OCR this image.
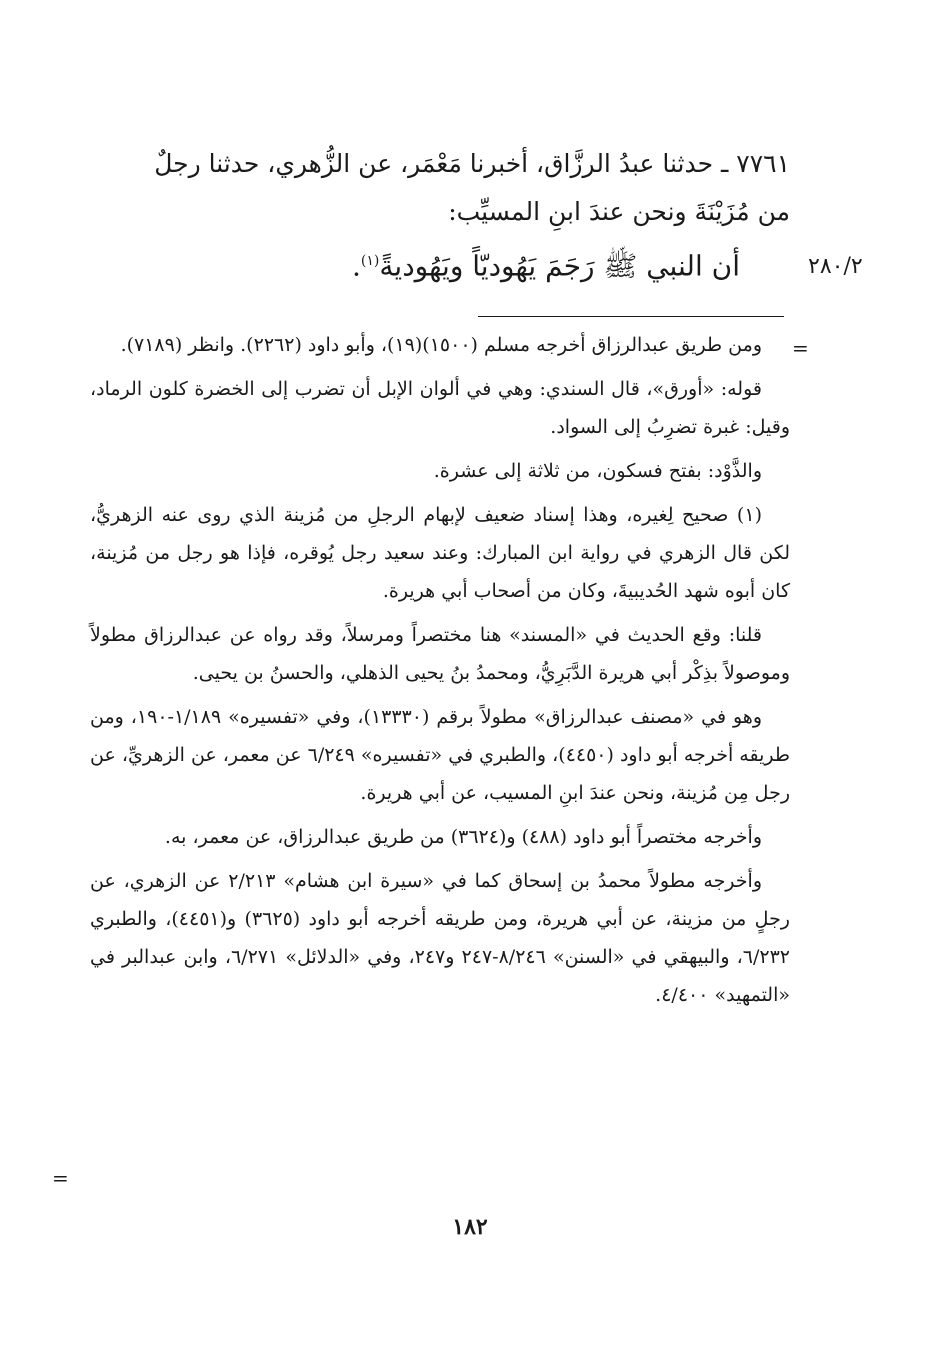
٧٧٦١ ـ حدثنا عبدُ الرزَّاق، أخبرنا مَعْمَر، عن الزُّهري، حدثنا رجلٌ

من مُزَيْنَةَ ونحن عندَ ابنِ المسيِّب:

أن النبي ﷺ رَجَمَ يَهُوديّاً ويَهُوديةً$^{(١)}$.	٢٨٠/٢
=

ومن طريق عبدالرزاق أخرجه مسلم (١٥٠٠)(١٩)، وأبو داود (٢٢٦٢). وانظر (٧١٨٩).

قوله: «أورق»، قال السندي: وهي في ألوان الإبل أن تضرب إلى الخضرة كلون الرماد، وقيل: غبرة تضرِبُ إلى السواد.

والذَّوْد: بفتح فسكون، من ثلاثة إلى عشرة.

(١) صحيح لِغيره، وهذا إسناد ضعيف لإبهام الرجلِ من مُزينة الذي روى عنه الزهريُّ، لكن قال الزهري في رواية ابن المبارك: وعند سعيد رجل يُوقره، فإذا هو رجل من مُزينة، كان أبوه شهد الحُديبيةَ، وكان من أصحاب أبي هريرة.

قلنا: وقع الحديث في «المسند» هنا مختصراً ومرسلاً، وقد رواه عن عبدالرزاق مطولاً وموصولاً بذِكْر أبي هريرة الدَّبَرِيُّ، ومحمدُ بنُ يحيى الذهلي، والحسنُ بن يحيى.

وهو في «مصنف عبدالرزاق» مطولاً برقم (١٣٣٣٠)، وفي «تفسيره» ١/١٨٩-١٩٠، ومن طريقه أخرجه أبو داود (٤٤٥٠)، والطبري في «تفسيره» ٦/٢٤٩ عن معمر، عن الزهريِّ، عن رجل مِن مُزينة، ونحن عندَ ابنِ المسيب، عن أبي هريرة.

وأخرجه مختصراً أبو داود (٤٨٨) و(٣٦٢٤) من طريق عبدالرزاق، عن معمر، به.

وأخرجه مطولاً محمدُ بن إسحاق كما في «سيرة ابن هشام» ٢/٢١٣ عن الزهري، عن رجلٍ من مزينة، عن أبي هريرة، ومن طريقه أخرجه أبو داود (٣٦٢٥) و(٤٤٥١)، والطبري ٦/٢٣٢، والبيهقي في «السنن» ٨/٢٤٦-٢٤٧ و٢٤٧، وفي «الدلائل» ٦/٢٧١، وابن عبدالبر في «التمهيد» ٤/٤٠٠.

=
١٨٢
